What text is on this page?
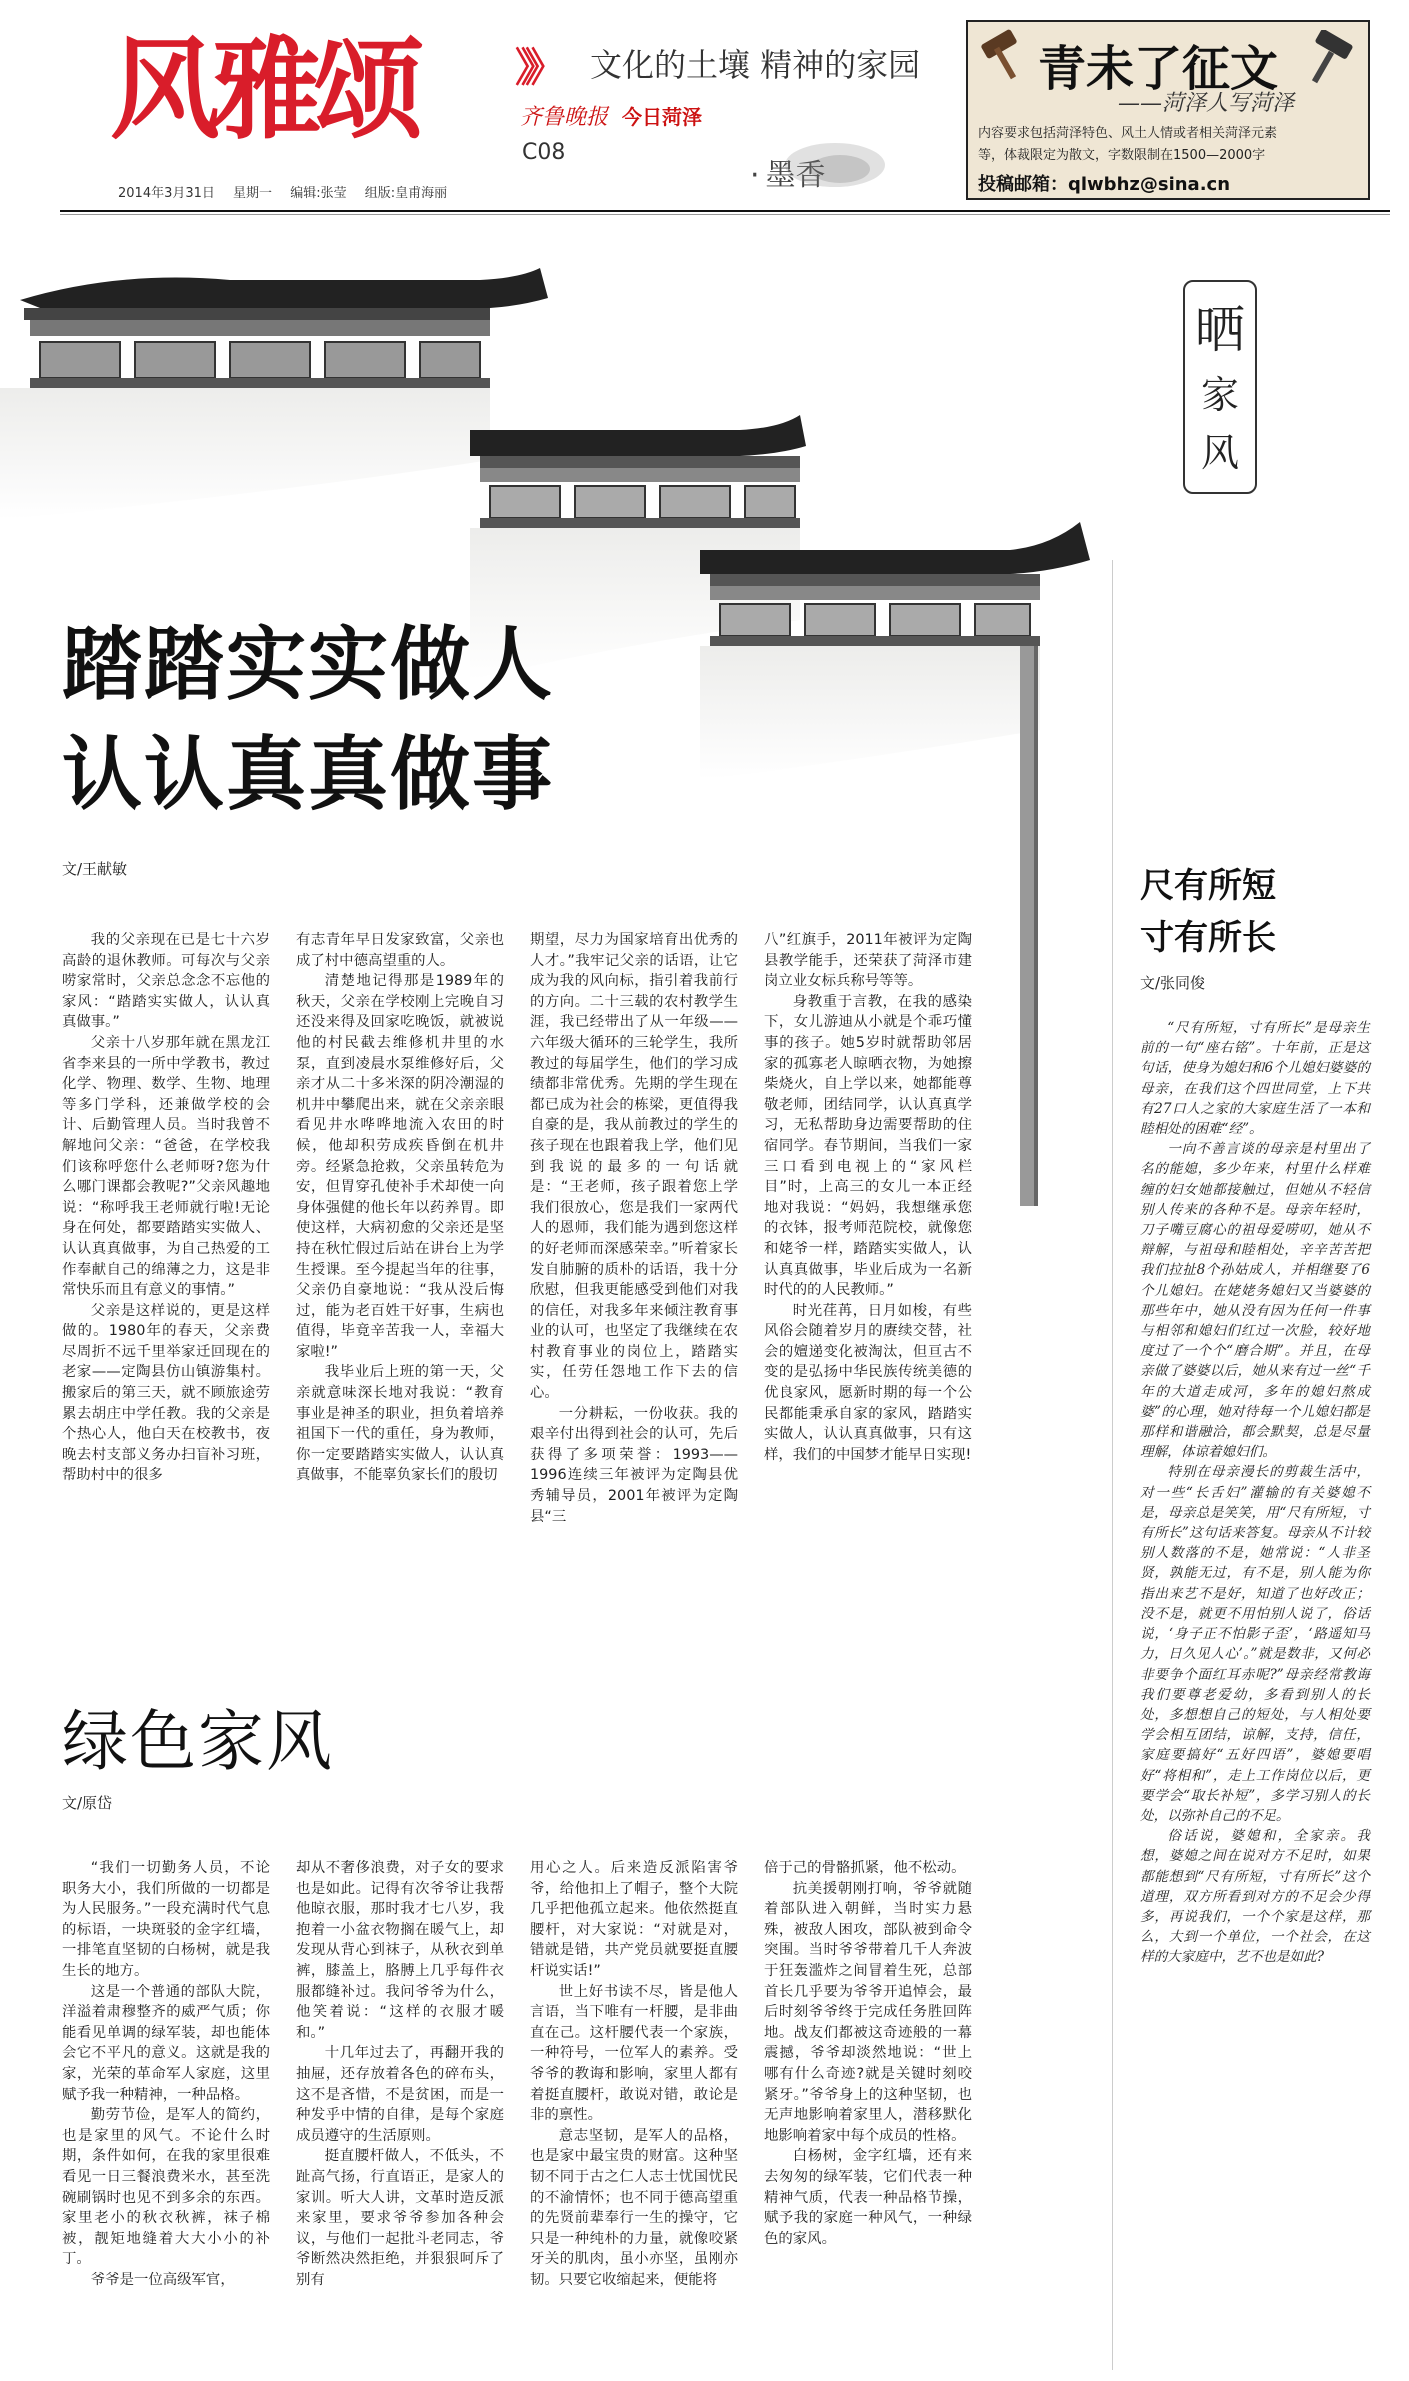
风雅颂 》》 文化的土壤 精神的家园
齐鲁晚报 今日菏泽
C08
· 墨香
2014年3月31日 星期一 编辑:张莹 组版:皇甫海丽
青未了征文
——菏泽人写菏泽
内容要求包括菏泽特色、风土人情或者相关菏泽元素
等，体裁限定为散文，字数限制在1500—2000字
投稿邮箱：qlwbhz@sina.cn
晒
家
风
踏踏实实做人
认认真真做事
文/王献敏

我的父亲现在已是七十六岁高龄的退休教师。可每次与父亲唠家常时，父亲总念念不忘他的家风：“踏踏实实做人，认认真真做事。”

父亲十八岁那年就在黑龙江省李来县的一所中学教书，教过化学、物理、数学、生物、地理等多门学科，还兼做学校的会计、后勤管理人员。当时我曾不解地问父亲：“爸爸，在学校我们该称呼您什么老师呀?您为什么哪门课都会教呢?”父亲风趣地说：“称呼我王老师就行啦!无论身在何处，都要踏踏实实做人、认认真真做事，为自己热爱的工作奉献自己的绵薄之力，这是非常快乐而且有意义的事情。”

父亲是这样说的，更是这样做的。1980年的春天，父亲费尽周折不远千里举家迁回现在的老家——定陶县仿山镇游集村。搬家后的第三天，就不顾旅途劳累去胡庄中学任教。我的父亲是个热心人，他白天在校教书，夜晚去村支部义务办扫盲补习班，帮助村中的很多

有志青年早日发家致富，父亲也成了村中德高望重的人。

清楚地记得那是1989年的秋天，父亲在学校刚上完晚自习还没来得及回家吃晚饭，就被说他的村民截去维修机井里的水泵，直到凌晨水泵维修好后，父亲才从二十多米深的阴冷潮湿的机井中攀爬出来，就在父亲亲眼看见井水哗哗地流入农田的时候，他却积劳成疾昏倒在机井旁。经紧急抢救，父亲虽转危为安，但胃穿孔使补手术却使一向身体强健的他长年以药养胃。即使这样，大病初愈的父亲还是坚持在秋忙假过后站在讲台上为学生授课。至今提起当年的往事，父亲仍自豪地说：“我从没后悔过，能为老百姓干好事，生病也值得，毕竟辛苦我一人，幸福大家啦!”

我毕业后上班的第一天，父亲就意味深长地对我说：“教育事业是神圣的职业，担负着培养祖国下一代的重任，身为教师，你一定要踏踏实实做人，认认真真做事，不能辜负家长们的殷切

期望，尽力为国家培育出优秀的人才。”我牢记父亲的话语，让它成为我的风向标，指引着我前行的方向。二十三载的农村教学生涯，我已经带出了从一年级——六年级大循环的三轮学生，我所教过的每届学生，他们的学习成绩都非常优秀。先期的学生现在都已成为社会的栋梁，更值得我自豪的是，我从前教过的学生的孩子现在也跟着我上学，他们见到我说的最多的一句话就是：“王老师，孩子跟着您上学我们很放心，您是我们一家两代人的恩师，我们能为遇到您这样的好老师而深感荣幸。”听着家长发自肺腑的质朴的话语，我十分欣慰，但我更能感受到他们对我的信任，对我多年来倾注教育事业的认可，也坚定了我继续在农村教育事业的岗位上，踏踏实实，任劳任怨地工作下去的信心。

一分耕耘，一份收获。我的艰辛付出得到社会的认可，先后获得了多项荣誉：1993——1996连续三年被评为定陶县优秀辅导员，2001年被评为定陶县“三

八”红旗手，2011年被评为定陶县教学能手，还荣获了菏泽市建岗立业女标兵称号等等。

身教重于言教，在我的感染下，女儿游迪从小就是个乖巧懂事的孩子。她5岁时就帮助邻居家的孤寡老人晾晒衣物，为她擦柴烧火，自上学以来，她都能尊敬老师，团结同学，认认真真学习，无私帮助身边需要帮助的住宿同学。春节期间，当我们一家三口看到电视上的“家风栏目”时，上高三的女儿一本正经地对我说：“妈妈，我想继承您的衣钵，报考师范院校，就像您和姥爷一样，踏踏实实做人，认认真真做事，毕业后成为一名新时代的的人民教师。”

时光荏苒，日月如梭，有些风俗会随着岁月的赓续交替，社会的嬗递变化被淘汰，但亘古不变的是弘扬中华民族传统美德的优良家风，愿新时期的每一个公民都能秉承自家的家风，踏踏实实做人，认认真真做事，只有这样，我们的中国梦才能早日实现!

绿色家风
文/原岱

“我们一切勤务人员，不论职务大小，我们所做的一切都是为人民服务。”一段充满时代气息的标语，一块斑驳的金字红墙，一排笔直坚韧的白杨树，就是我生长的地方。

这是一个普通的部队大院，洋溢着肃穆整齐的威严气质；你能看见单调的绿军装，却也能体会它不平凡的意义。这就是我的家，光荣的革命军人家庭，这里赋予我一种精神，一种品格。

勤劳节俭，是军人的简约，也是家里的风气。不论什么时期，条件如何，在我的家里很难看见一日三餐浪费米水，甚至洗碗刷锅时也见不到多余的东西。家里老小的秋衣秋裤，袜子棉被，靓矩地缝着大大小小的补丁。

爷爷是一位高级军官，

却从不奢侈浪费，对子女的要求也是如此。记得有次爷爷让我帮他晾衣服，那时我才七八岁，我抱着一小盆衣物搁在暖气上，却发现从背心到袜子，从秋衣到单裤，膝盖上，胳膊上几乎每件衣服都缝补过。我问爷爷为什么，他笑着说：“这样的衣服才暖和。”

十几年过去了，再翻开我的抽屉，还存放着各色的碎布头，这不是吝惜，不是贫困，而是一种发乎中情的自律，是每个家庭成员遵守的生活原则。

挺直腰杆做人，不低头，不趾高气扬，行直语正，是家人的家训。听大人讲，文革时造反派来家里，要求爷爷参加各种会议，与他们一起批斗老同志，爷爷断然决然拒绝，并狠狠呵斥了别有

用心之人。后来造反派陷害爷爷，给他扣上了帽子，整个大院几乎把他孤立起来。他依然挺直腰杆，对大家说：“对就是对，错就是错，共产党员就要挺直腰杆说实话!”

世上好书读不尽，皆是他人言语，当下唯有一杆腰，是非曲直在己。这杆腰代表一个家族，一种符号，一位军人的素养。受爷爷的教诲和影响，家里人都有着挺直腰杆，敢说对错，敢论是非的禀性。

意志坚韧，是军人的品格，也是家中最宝贵的财富。这种坚韧不同于古之仁人志士忧国忧民的不渝情怀；也不同于德高望重的先贤前辈奉行一生的操守，它只是一种纯朴的力量，就像咬紧牙关的肌肉，虽小亦坚，虽刚亦韧。只要它收缩起来，便能将

倍于己的骨骼抓紧，他不松动。

抗美援朝刚打响，爷爷就随着部队进入朝鲜，当时实力悬殊，被敌人困攻，部队被到命令突围。当时爷爷带着几千人奔波于狂轰滥炸之间冒着生死，总部首长几乎要为爷爷开追悼会，最后时刻爷爷终于完成任务胜回阵地。战友们都被这奇迹般的一幕震撼，爷爷却淡然地说：“世上哪有什么奇迹?就是关键时刻咬紧牙。”爷爷身上的这种坚韧，也无声地影响着家里人，潜移默化地影响着家中每个成员的性格。

白杨树，金字红墙，还有来去匆匆的绿军装，它们代表一种精神气质，代表一种品格节操，赋予我的家庭一种风气，一种绿色的家风。

尺有所短
寸有所长
文/张同俊

“尺有所短，寸有所长”是母亲生前的一句“座右铭”。十年前，正是这句话，使身为媳妇和6个儿媳妇婆婆的母亲，在我们这个四世同堂，上下共有27口人之家的大家庭生活了一本和睦相处的困难“经”。

一向不善言谈的母亲是村里出了名的能媳，多少年来，村里什么样难缠的妇女她都接触过，但她从不轻信别人传来的各种不是。母亲年轻时，刀子嘴豆腐心的祖母爱唠叨，她从不辩解，与祖母和睦相处，辛辛苦苦把我们拉扯8个孙姑成人，并相继娶了6个儿媳妇。在姥姥务媳妇又当婆婆的那些年中，她从没有因为任何一件事与相邻和媳妇们红过一次脸，较好地度过了一个个“磨合期”。并且，在母亲做了婆婆以后，她从来有过一丝“千年的大道走成河，多年的媳妇熬成婆”的心理，她对待每一个儿媳妇都是那样和谐融洽，都会默契，总是尽量理解，体谅着媳妇们。

特别在母亲漫长的剪裁生活中，对一些“长舌妇”灌输的有关婆媳不是，母亲总是笑笑，用“尺有所短，寸有所长”这句话来答复。母亲从不计较别人数落的不是，她常说：“人非圣贤，孰能无过，有不是，别人能为你指出来艺不是好，知道了也好改正；没不是，就更不用怕别人说了，俗话说，‘身子正不怕影子歪’，‘路遥知马力，日久见人心’。”就是数非，又何必非要争个面红耳赤呢?”母亲经常教诲我们要尊老爱幼，多看到别人的长处，多想想自己的短处，与人相处要学会相互团结，谅解，支持，信任，家庭要搞好“五好四语”，婆媳要唱好“将相和”，走上工作岗位以后，更要学会“取长补短”，多学习别人的长处，以弥补自己的不足。

俗话说，婆媳和，全家亲。我想，婆媳之间在说对方不足时，如果都能想到“尺有所短，寸有所长”这个道理，双方所看到对方的不足会少得多，再说我们，一个个家是这样，那么，大到一个单位，一个社会，在这样的大家庭中，艺不也是如此?
